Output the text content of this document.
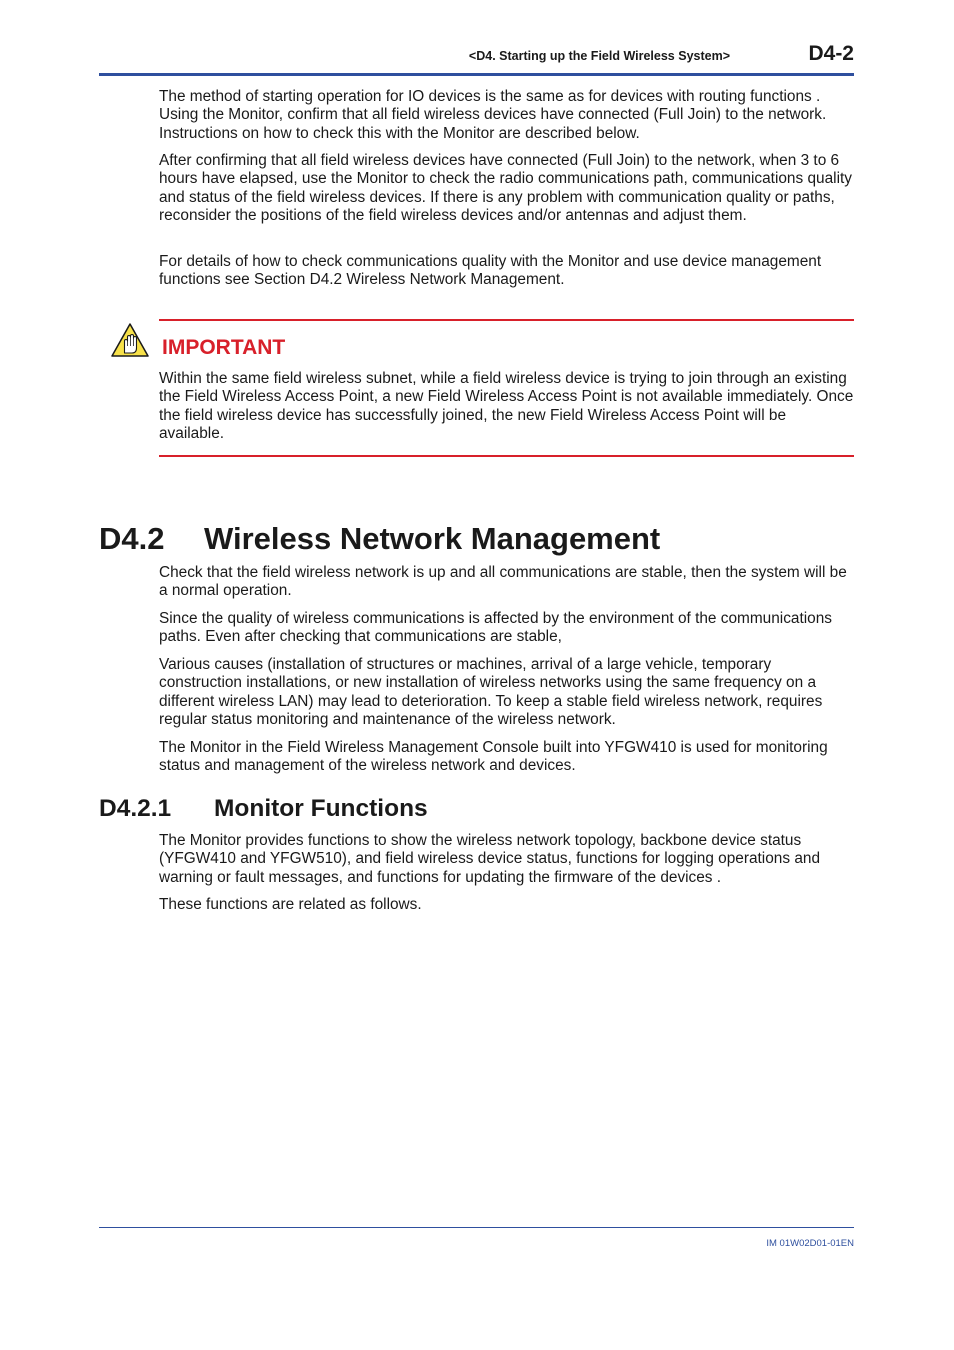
<D4. Starting up the Field Wireless System>	D4-2

The method of starting operation for IO devices is the same as for devices with routing functions . Using the Monitor, confirm that all field wireless devices have connected (Full Join) to the network. Instructions on how to check this with the Monitor are described below.

After confirming that all field wireless devices have connected (Full Join) to the network, when 3 to 6 hours have elapsed, use the Monitor to check the radio communications path, communications quality and status of the field wireless devices. If there is any problem with communication quality or paths, reconsider the positions of the field wireless devices and/or antennas and adjust them.

For details of how to check communications quality with the Monitor and use device management functions see Section D4.2 Wireless Network Management.

IMPORTANT

Within the same field wireless subnet, while a field wireless device is trying to join through an existing the Field Wireless Access Point, a new Field Wireless Access Point is not available immediately. Once the field wireless device has successfully joined, the new Field Wireless Access Point will be available.

D4.2 Wireless Network Management

Check that the field wireless network is up and all communications are stable, then the system will be a normal operation.

Since the quality of wireless communications is affected by the environment of the communications paths. Even after checking that communications are stable,

Various causes (installation of structures or machines, arrival of a large vehicle, temporary construction installations, or new installation of wireless networks using the same frequency on a different wireless LAN) may lead to deterioration. To keep a stable field wireless network, requires regular status monitoring and maintenance of the wireless network.

The Monitor in the Field Wireless Management Console built into YFGW410 is used for monitoring status and management of the wireless network and devices.

D4.2.1 Monitor Functions

The Monitor provides functions to show the wireless network topology, backbone device status (YFGW410 and YFGW510), and field wireless device status, functions for logging operations and warning or fault messages, and functions for updating the firmware of the devices .

These functions are related as follows.

IM 01W02D01-01EN
